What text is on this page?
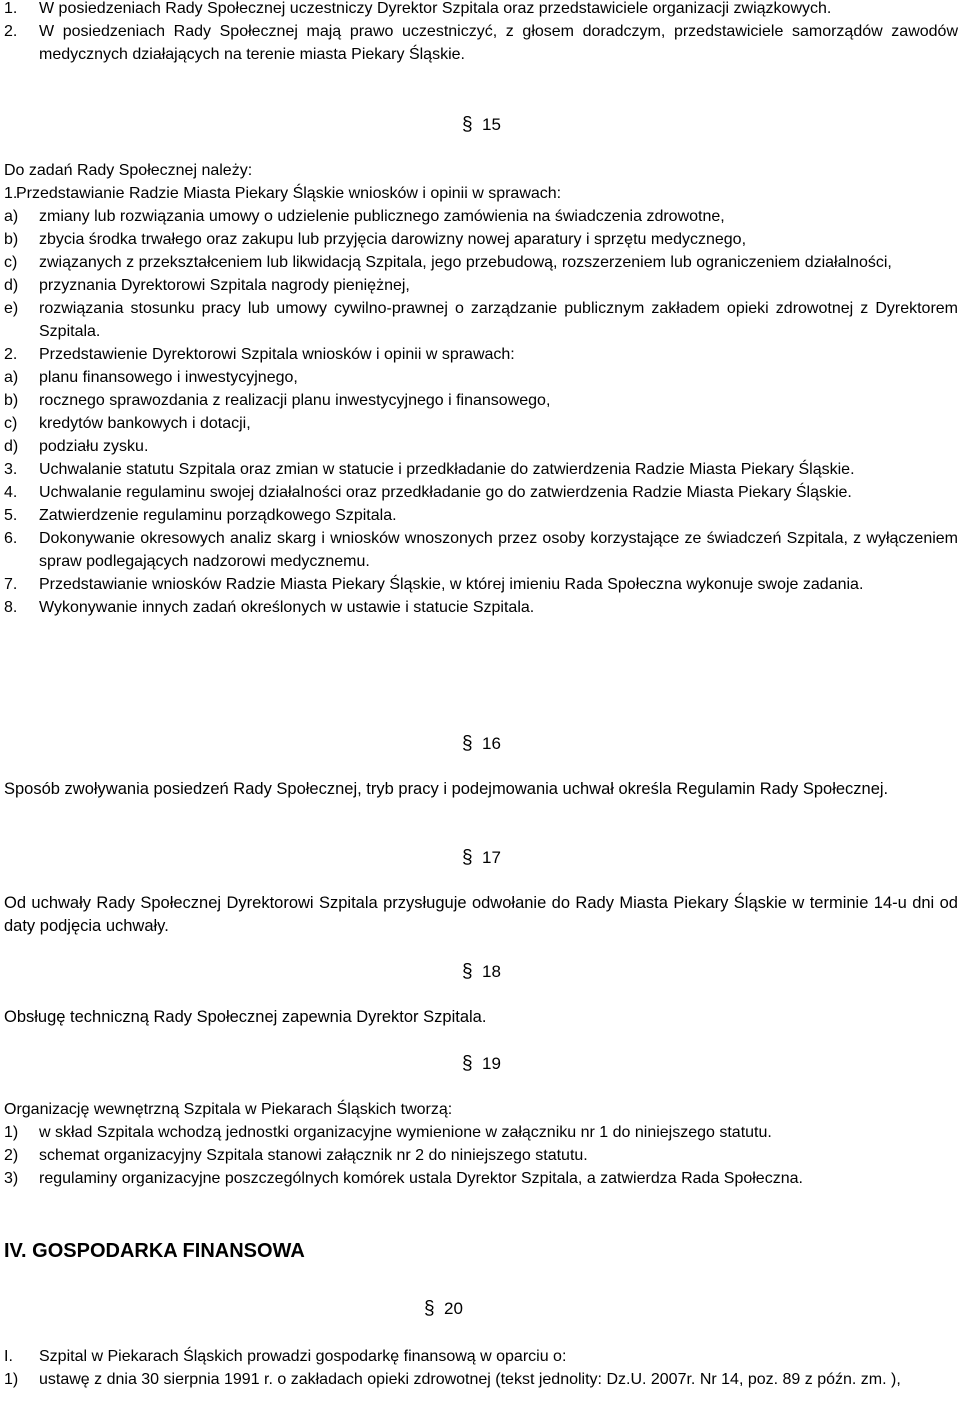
1.	W posiedzeniach Rady Społecznej uczestniczy Dyrektor Szpitala oraz przedstawiciele organizacji związkowych.
2.	W posiedzeniach Rady Społecznej mają prawo uczestniczyć, z głosem doradczym, przedstawiciele samorządów zawodów medycznych działających na terenie miasta Piekary Śląskie.
§ 15

Do zadań Rady Społecznej należy:

1.
Przedstawianie Radzie Miasta Piekary Śląskie wniosków i opinii w sprawach:
a)	zmiany lub rozwiązania umowy o udzielenie publicznego zamówienia na świadczenia zdrowotne,
b)	zbycia środka trwałego oraz zakupu lub przyjęcia darowizny nowej aparatury i sprzętu medycznego,
c)	związanych z przekształceniem lub likwidacją Szpitala, jego przebudową, rozszerzeniem lub ograniczeniem działalności,
d)	przyznania Dyrektorowi Szpitala nagrody pieniężnej,
e)	rozwiązania stosunku pracy lub umowy cywilno-prawnej o zarządzanie publicznym zakładem opieki zdrowotnej z Dyrektorem Szpitala.
2.	Przedstawienie Dyrektorowi Szpitala wniosków i opinii w sprawach:
a)	planu finansowego i inwestycyjnego,
b)	rocznego sprawozdania z realizacji planu inwestycyjnego i finansowego,
c)	kredytów bankowych i dotacji,
d)	podziału zysku.
3.	Uchwalanie statutu Szpitala oraz zmian w statucie i przedkładanie do zatwierdzenia Radzie Miasta Piekary Śląskie.
4.	Uchwalanie regulaminu swojej działalności oraz przedkładanie go do zatwierdzenia Radzie Miasta Piekary Śląskie.
5.	Zatwierdzenie regulaminu porządkowego Szpitala.
6.	Dokonywanie okresowych analiz skarg i wniosków wnoszonych przez osoby korzystające ze świadczeń Szpitala, z wyłączeniem spraw podlegających nadzorowi medycznemu.
7.	Przedstawianie wniosków Radzie Miasta Piekary Śląskie, w której imieniu Rada Społeczna wykonuje swoje zadania.
8.	Wykonywanie innych zadań określonych w ustawie i statucie Szpitala.
§ 16

Sposób zwoływania posiedzeń Rady Społecznej, tryb pracy i podejmowania uchwał określa Regulamin Rady Społecznej.

§ 17

Od uchwały Rady Społecznej Dyrektorowi Szpitala przysługuje odwołanie do Rady Miasta Piekary Śląskie w terminie 14-u dni od daty podjęcia uchwały.

§ 18

Obsługę techniczną Rady Społecznej zapewnia Dyrektor Szpitala.

§ 19

Organizację wewnętrzną Szpitala w Piekarach Śląskich tworzą:

1)	w skład Szpitala wchodzą jednostki organizacyjne wymienione w załączniku nr 1 do niniejszego statutu.
2)	schemat organizacyjny Szpitala stanowi załącznik nr 2 do niniejszego statutu.
3)	regulaminy organizacyjne poszczególnych komórek ustala Dyrektor Szpitala, a zatwierdza Rada Społeczna.
IV. GOSPODARKA FINANSOWA
§ 20
I.	Szpital w Piekarach Śląskich prowadzi gospodarkę finansową w oparciu o:
1)	ustawę z dnia 30 sierpnia 1991 r. o zakładach opieki zdrowotnej (tekst jednolity: Dz.U. 2007r. Nr 14, poz. 89 z późn. zm. ),
